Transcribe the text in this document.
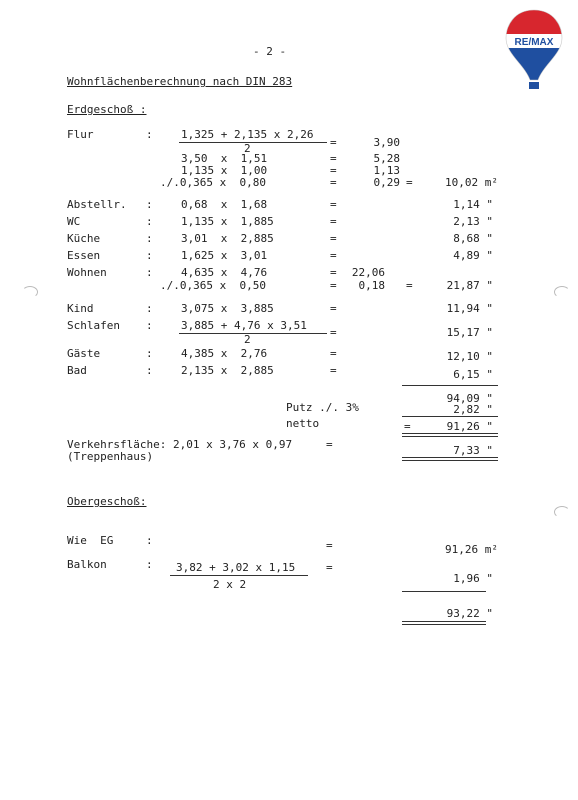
RE/MAX
- 2 -
Wohnflächenberechnung nach DIN 283
Erdgeschoß :
Flur	:	1,325 + 2,135 x 2,26
2	=	3,90
3,50  x  1,51	=	5,28
1,135 x  1,00	=	1,13
./.0,365 x  0,80	=	0,29 =	10,02 m²
Abstellr. :	0,68  x  1,68	=	1,14 "
WC	:	1,135 x  1,885	=	2,13 "
Küche	:	3,01  x  2,885	=	8,68 "
Essen	:	1,625 x  3,01	=	4,89 "
Wohnen	:	4,635 x  4,76	=	22,06
./.0,365 x  0,50	=	0,18 =	21,87 "
Kind	:	3,075 x  3,885	=	11,94 "
Schlafen :	3,885 + 4,76 x 3,51
2
=	15,17 "
Gäste	:	4,385 x  2,76	=	12,10 "
Bad	:	2,135 x  2,885	=	6,15 "
94,09 "
Putz ./. 3%	2,82 "
netto	=	91,26 "
Verkehrsfläche: 2,01 x 3,76 x 0,97	=
(Treppenhaus)	7,33 "
Obergeschoß:
Wie  EG	:	=	91,26 m²
Balkon	: 3,82 + 3,02 x 1,15
2 x 2
=
1,96 "
93,22 "
